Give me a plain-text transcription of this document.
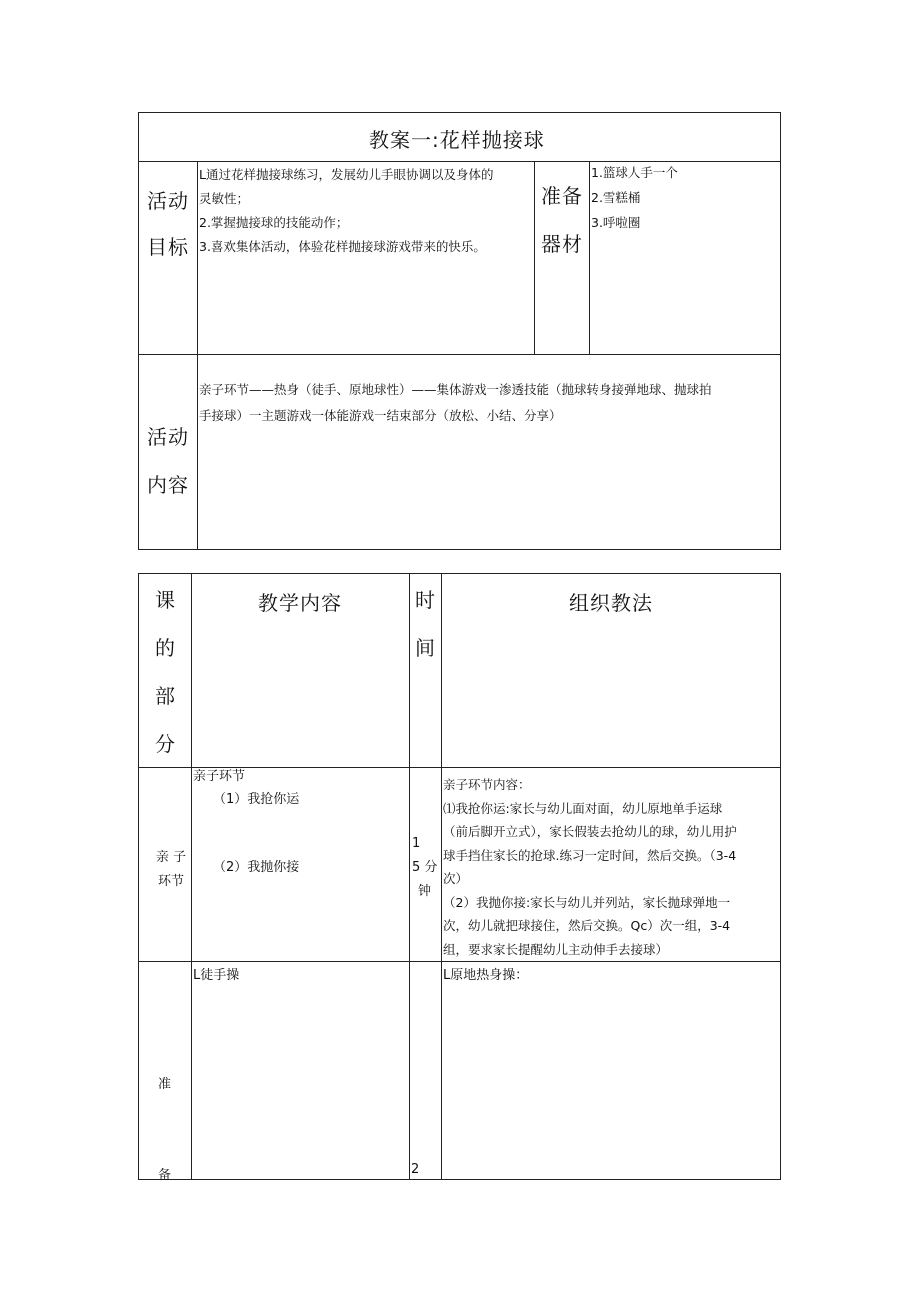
教案一:花样抛接球
活动
目标
L通过花样抛接球练习，发展幼儿手眼协调以及身体的
灵敏性；
2.掌握抛接球的技能动作；
3.喜欢集体活动，体验花样抛接球游戏带来的快乐。
准备
器材
1.篮球人手一个
2.雪糕桶
3.呼啦圈
活动
内容
亲子环节——热身（徒手、原地球性）——集体游戏一渗透技能（抛球转身接弹地球、抛球拍
手接球）一主题游戏一体能游戏一结束部分（放松、小结、分享）
课
的
部
分
教学内容	时
间
组织教法
亲 子
环节
亲子环节
（1）我抢你运
（2）我抛你接
1
5 分
钟
亲子环节内容：
⑴我抢你运:家长与幼儿面对面，幼儿原地单手运球
（前后脚开立式），家长假装去抢幼儿的球，幼儿用护
球手挡住家长的抢球.练习一定时间，然后交换。（3-4
次）
（2）我抛你接:家长与幼儿并列站，家长抛球弹地一
次，幼儿就把球接住，然后交换。Qc）次一组，3-4
组，要求家长提醒幼儿主动伸手去接球）
准
备
L徒手操
2
L原地热身操：
